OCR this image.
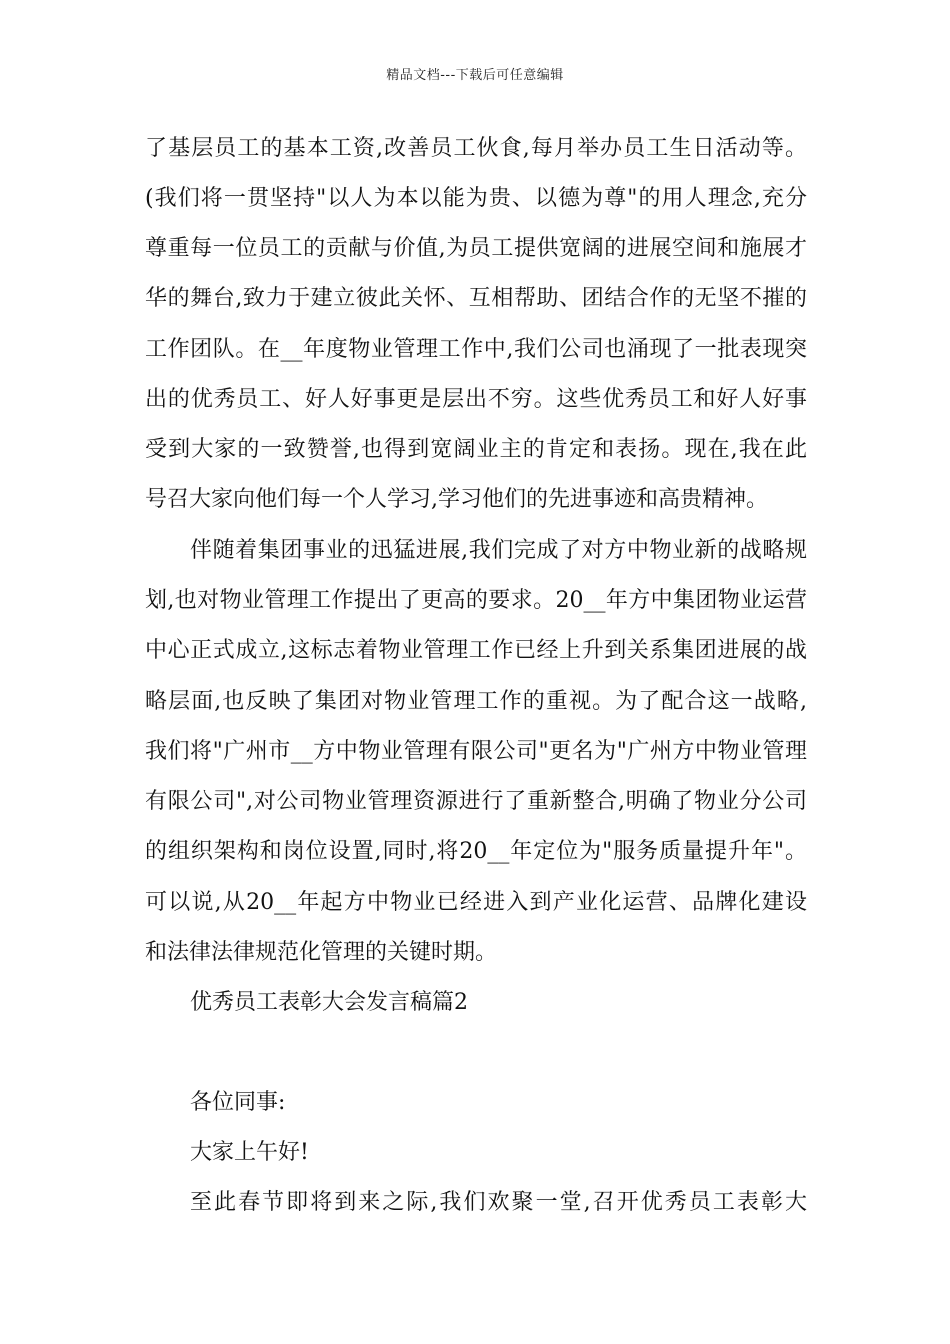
精品文档---下载后可任意编辑
了基层员工的基本工资,改善员工伙食,每月举办员工生日活动等。
(我们将一贯坚持"以人为本以能为贵、以德为尊"的用人理念,充分
尊重每一位员工的贡献与价值,为员工提供宽阔的进展空间和施展才
华的舞台,致力于建立彼此关怀、互相帮助、团结合作的无坚不摧的
工作团队。在__年度物业管理工作中,我们公司也涌现了一批表现突
出的优秀员工、好人好事更是层出不穷。这些优秀员工和好人好事
受到大家的一致赞誉,也得到宽阔业主的肯定和表扬。现在,我在此
号召大家向他们每一个人学习,学习他们的先进事迹和高贵精神。
伴随着集团事业的迅猛进展,我们完成了对方中物业新的战略规
划,也对物业管理工作提出了更高的要求。20__年方中集团物业运营
中心正式成立,这标志着物业管理工作已经上升到关系集团进展的战
略层面,也反映了集团对物业管理工作的重视。为了配合这一战略,
我们将"广州市__方中物业管理有限公司"更名为"广州方中物业管理
有限公司",对公司物业管理资源进行了重新整合,明确了物业分公司
的组织架构和岗位设置,同时,将20__年定位为"服务质量提升年"。
可以说,从20__年起方中物业已经进入到产业化运营、品牌化建设
和法律法律规范化管理的关键时期。
优秀员工表彰大会发言稿篇2
各位同事:
大家上午好!
至此春节即将到来之际,我们欢聚一堂,召开优秀员工表彰大
